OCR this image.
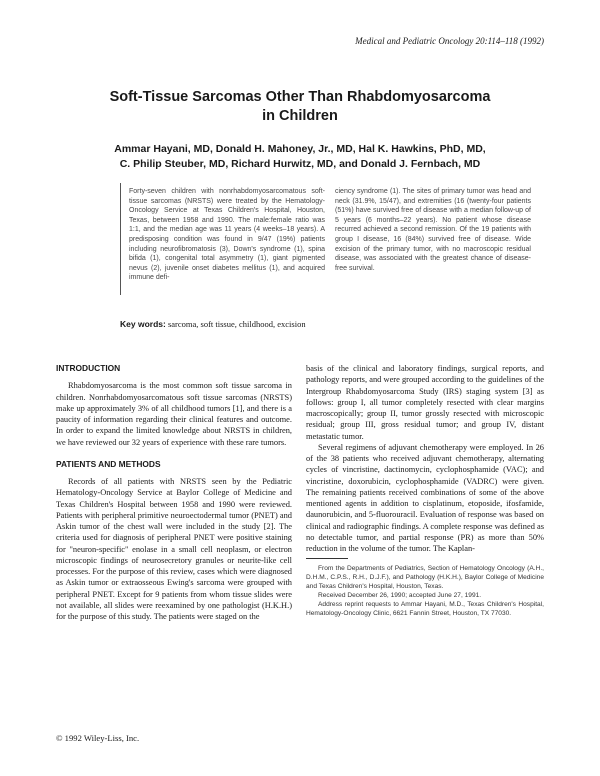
Medical and Pediatric Oncology 20:114–118 (1992)
Soft-Tissue Sarcomas Other Than Rhabdomyosarcoma
in Children
Ammar Hayani, MD, Donald H. Mahoney, Jr., MD, Hal K. Hawkins, PhD, MD,
C. Philip Steuber, MD, Richard Hurwitz, MD, and Donald J. Fernbach, MD
Forty-seven children with nonrhabdomyosarcomatous soft-tissue sarcomas (NRSTS) were treated by the Hematology-Oncology Service at Texas Children's Hospital, Houston, Texas, between 1958 and 1990. The male:female ratio was 1:1, and the median age was 11 years (4 weeks–18 years). A predisposing condition was found in 9/47 (19%) patients including neurofibromatosis (3), Down's syndrome (1), spina bifida (1), congenital total asymmetry (1), giant pigmented nevus (2), juvenile onset diabetes mellitus (1), and acquired immune defi-
ciency syndrome (1). The sites of primary tumor was head and neck (31.9%, 15/47), and extremities (16 (twenty-four patients (51%) have survived free of disease with a median follow-up of 5 years (6 months–22 years). No patient whose disease recurred achieved a second remission. Of the 19 patients with group I disease, 16 (84%) survived free of disease. Wide excision of the primary tumor, with no macroscopic residual disease, was associated with the greatest chance of disease-free survival.
Key words: sarcoma, soft tissue, childhood, excision
INTRODUCTION

Rhabdomyosarcoma is the most common soft tissue sarcoma in children. Nonrhabdomyosarcomatous soft tissue sarcomas (NRSTS) make up approximately 3% of all childhood tumors [1], and there is a paucity of information regarding their clinical features and outcome. In order to expand the limited knowledge about NRSTS in children, we have reviewed our 32 years of experience with these rare tumors.

PATIENTS AND METHODS

Records of all patients with NRSTS seen by the Pediatric Hematology-Oncology Service at Baylor College of Medicine and Texas Children's Hospital between 1958 and 1990 were reviewed. Patients with peripheral primitive neuroectodermal tumor (PNET) and Askin tumor of the chest wall were included in the study [2]. The criteria used for diagnosis of peripheral PNET were positive staining for "neuron-specific" enolase in a small cell neoplasm, or electron microscopic findings of neurosecretory granules or neurite-like cell processes. For the purpose of this review, cases which were diagnosed as Askin tumor or extraosseous Ewing's sarcoma were grouped with peripheral PNET. Except for 9 patients from whom tissue slides were not available, all slides were reexamined by one pathologist (H.K.H.) for the purpose of this study. The patients were staged on the

basis of the clinical and laboratory findings, surgical reports, and pathology reports, and were grouped according to the guidelines of the Intergroup Rhabdomyosarcoma Study (IRS) staging system [3] as follows: group I, all tumor completely resected with clear margins macroscopically; group II, tumor grossly resected with microscopic residual; group III, gross residual tumor; and group IV, distant metastatic tumor.

Several regimens of adjuvant chemotherapy were employed. In 26 of the 38 patients who received adjuvant chemotherapy, alternating cycles of vincristine, dactinomycin, cyclophosphamide (VAC); and vincristine, doxorubicin, cyclophosphamide (VADRC) were given. The remaining patients received combinations of some of the above mentioned agents in addition to cisplatinum, etoposide, ifosfamide, daunorubicin, and 5-fluorouracil. Evaluation of response was based on clinical and radiographic findings. A complete response was defined as no detectable tumor, and partial response (PR) as more than 50% reduction in the volume of the tumor. The Kaplan-

From the Departments of Pediatrics, Section of Hematology Oncology (A.H., D.H.M., C.P.S., R.H., D.J.F.), and Pathology (H.K.H.), Baylor College of Medicine and Texas Children's Hospital, Houston, Texas.

Received December 26, 1990; accepted June 27, 1991.

Address reprint requests to Ammar Hayani, M.D., Texas Children's Hospital, Hematology-Oncology Clinic, 6621 Fannin Street, Houston, TX 77030.

© 1992 Wiley-Liss, Inc.
